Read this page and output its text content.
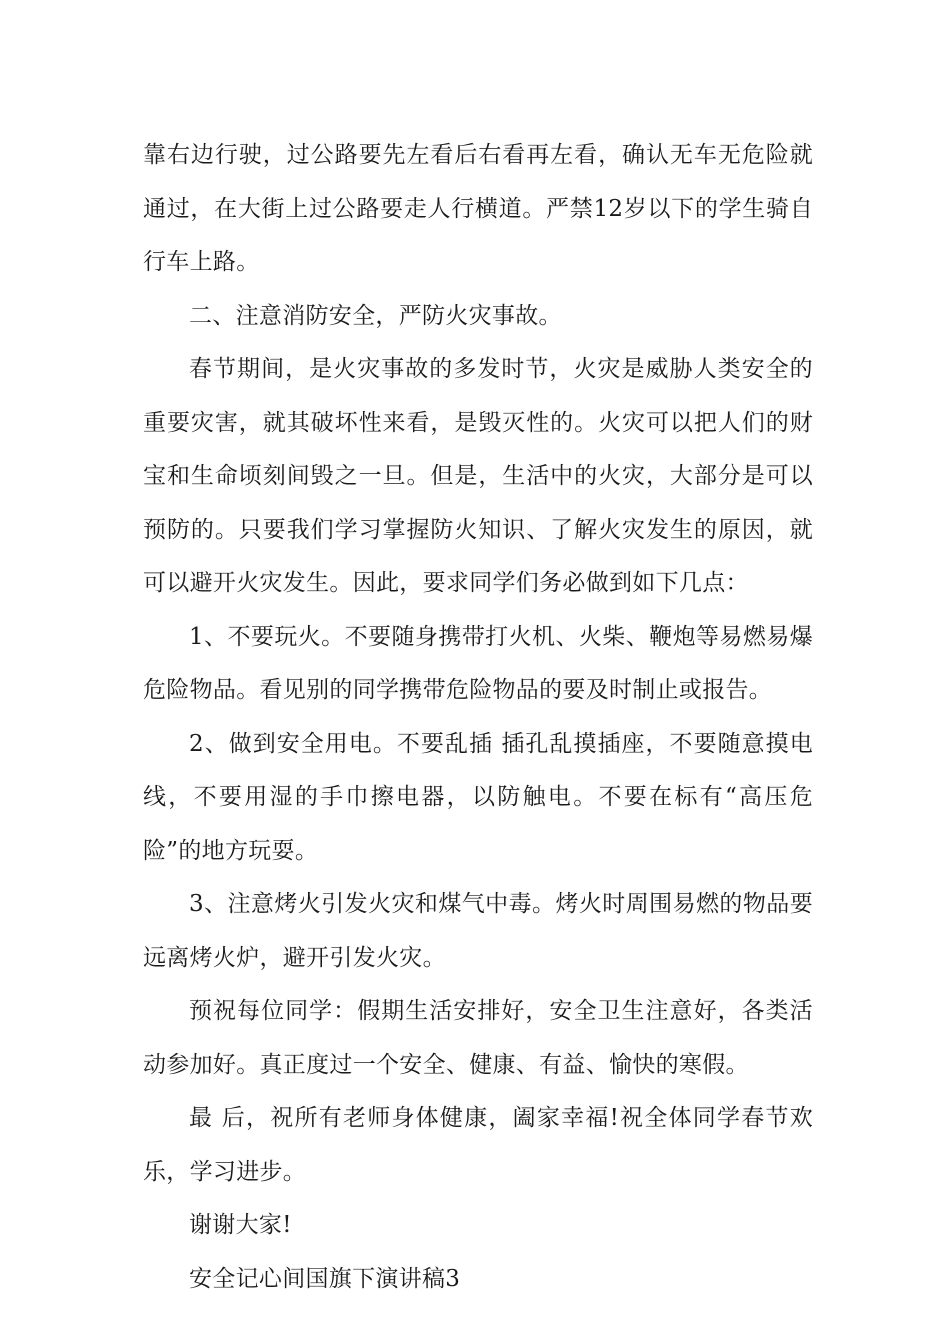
靠右边行驶，过公路要先左看后右看再左看，确认无车无危险就通过，在大街上过公路要走人行横道。严禁12岁以下的学生骑自行车上路。

二、注意消防安全，严防火灾事故。

春节期间，是火灾事故的多发时节，火灾是威胁人类安全的重要灾害，就其破坏性来看，是毁灭性的。火灾可以把人们的财宝和生命顷刻间毁之一旦。但是，生活中的火灾，大部分是可以预防的。只要我们学习掌握防火知识、了解火灾发生的原因，就可以避开火灾发生。因此，要求同学们务必做到如下几点：

1、不要玩火。不要随身携带打火机、火柴、鞭炮等易燃易爆危险物品。看见别的同学携带危险物品的要及时制止或报告。

2、做到安全用电。不要乱插 插孔乱摸插座，不要随意摸电线，不要用湿的手巾擦电器，以防触电。不要在标有“高压危险”的地方玩耍。

3、注意烤火引发火灾和煤气中毒。烤火时周围易燃的物品要远离烤火炉，避开引发火灾。

预祝每位同学：假期生活安排好，安全卫生注意好，各类活动参加好。真正度过一个安全、健康、有益、愉快的寒假。

最 后，祝所有老师身体健康，阖家幸福!祝全体同学春节欢乐，学习进步。

谢谢大家!

安全记心间国旗下演讲稿3
